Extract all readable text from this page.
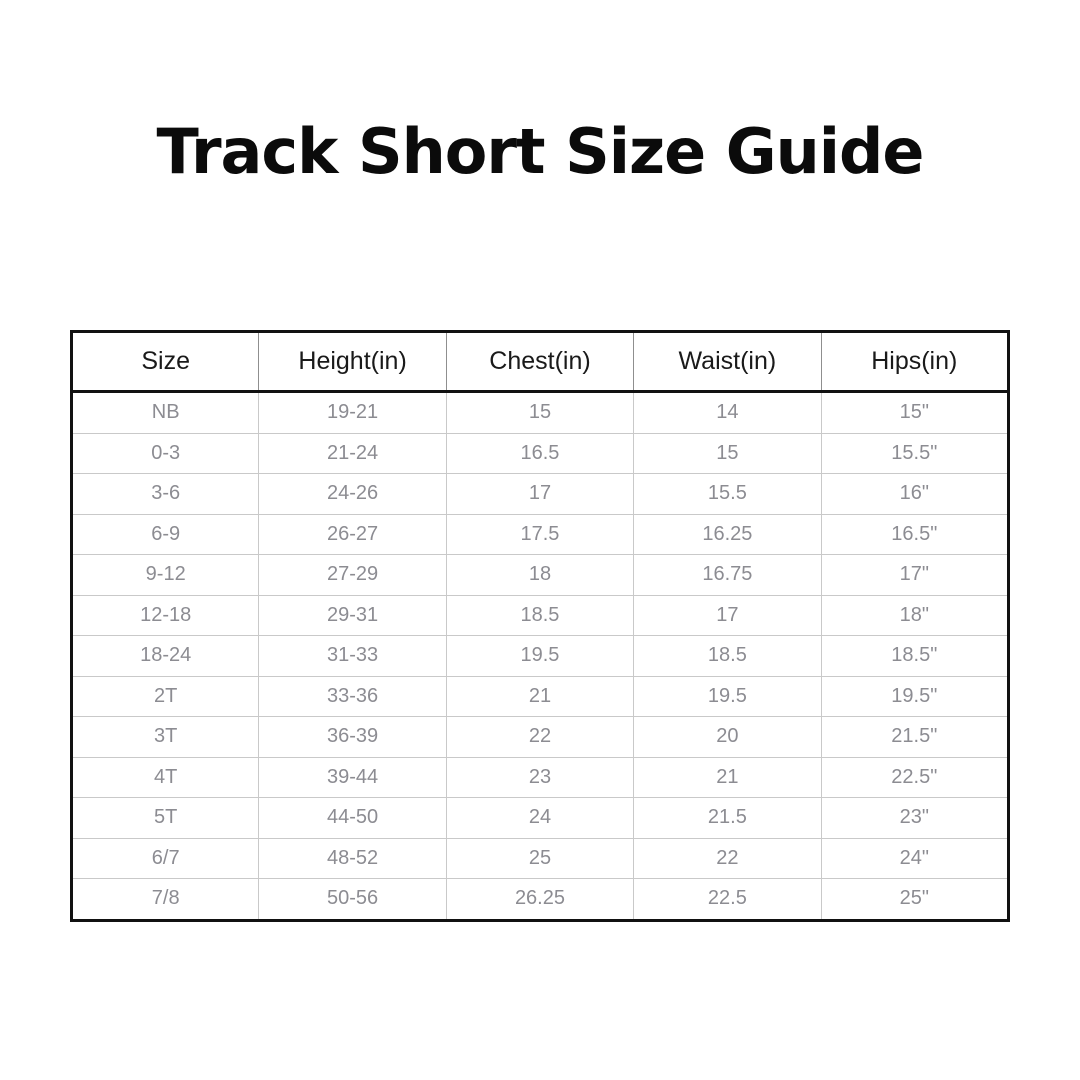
Track Short Size Guide
Size	Height(in)	Chest(in)	Waist(in)	Hips(in)
NB	19-21	15	14	15"
0-3	21-24	16.5	15	15.5"
3-6	24-26	17	15.5	16"
6-9	26-27	17.5	16.25	16.5"
9-12	27-29	18	16.75	17"
12-18	29-31	18.5	17	18"
18-24	31-33	19.5	18.5	18.5"
2T	33-36	21	19.5	19.5"
3T	36-39	22	20	21.5"
4T	39-44	23	21	22.5"
5T	44-50	24	21.5	23"
6/7	48-52	25	22	24"
7/8	50-56	26.25	22.5	25"
